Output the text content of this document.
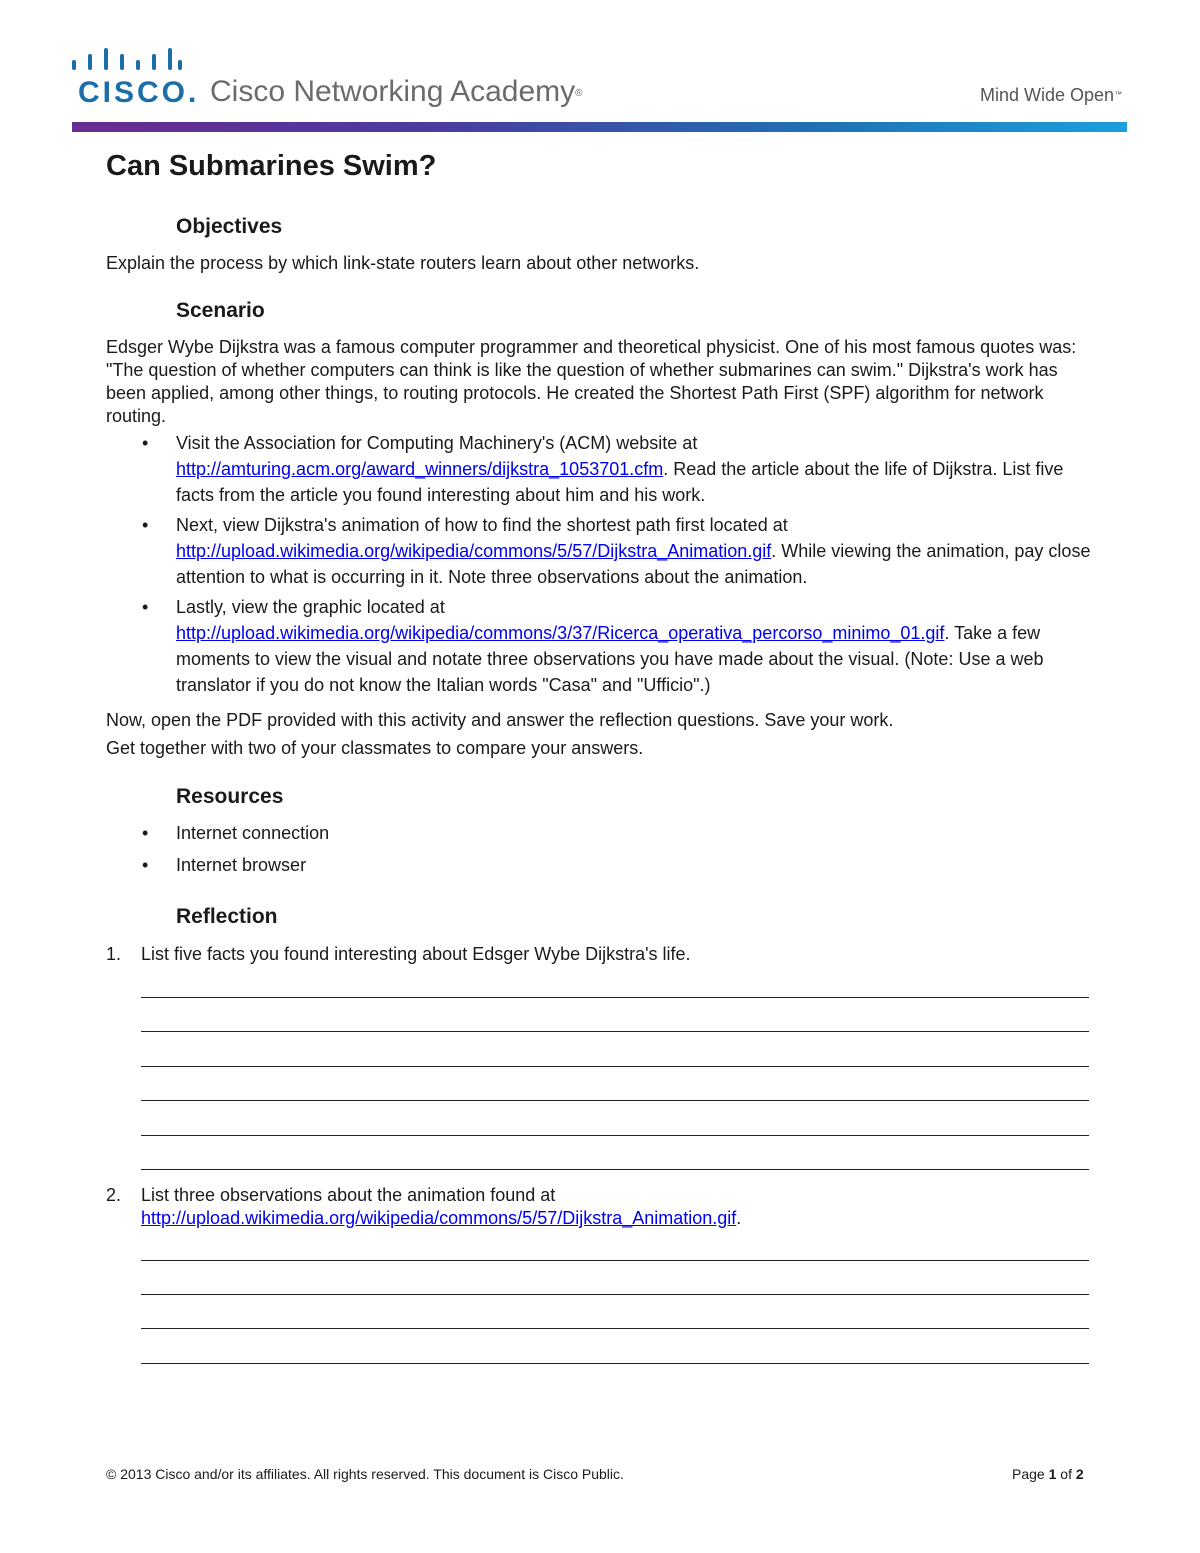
CISCO. Cisco Networking Academy®	Mind Wide Open™
Can Submarines Swim?
Objectives
Explain the process by which link-state routers learn about other networks.
Scenario
Edsger Wybe Dijkstra was a famous computer programmer and theoretical physicist. One of his most famous quotes was: "The question of whether computers can think is like the question of whether submarines can swim." Dijkstra's work has been applied, among other things, to routing protocols. He created the Shortest Path First (SPF) algorithm for network routing.
• Visit the Association for Computing Machinery's (ACM) website at http://amturing.acm.org/award_winners/dijkstra_1053701.cfm. Read the article about the life of Dijkstra. List five facts from the article you found interesting about him and his work.
• Next, view Dijkstra's animation of how to find the shortest path first located at http://upload.wikimedia.org/wikipedia/commons/5/57/Dijkstra_Animation.gif. While viewing the animation, pay close attention to what is occurring in it. Note three observations about the animation.
• Lastly, view the graphic located at http://upload.wikimedia.org/wikipedia/commons/3/37/Ricerca_operativa_percorso_minimo_01.gif. Take a few moments to view the visual and notate three observations you have made about the visual. (Note: Use a web translator if you do not know the Italian words "Casa" and "Ufficio".)
Now, open the PDF provided with this activity and answer the reflection questions. Save your work.
Get together with two of your classmates to compare your answers.
Resources
• Internet connection
• Internet browser
Reflection
1. List five facts you found interesting about Edsger Wybe Dijkstra's life.
2. List three observations about the animation found at http://upload.wikimedia.org/wikipedia/commons/5/57/Dijkstra_Animation.gif.
© 2013 Cisco and/or its affiliates. All rights reserved. This document is Cisco Public.	Page 1 of 2
